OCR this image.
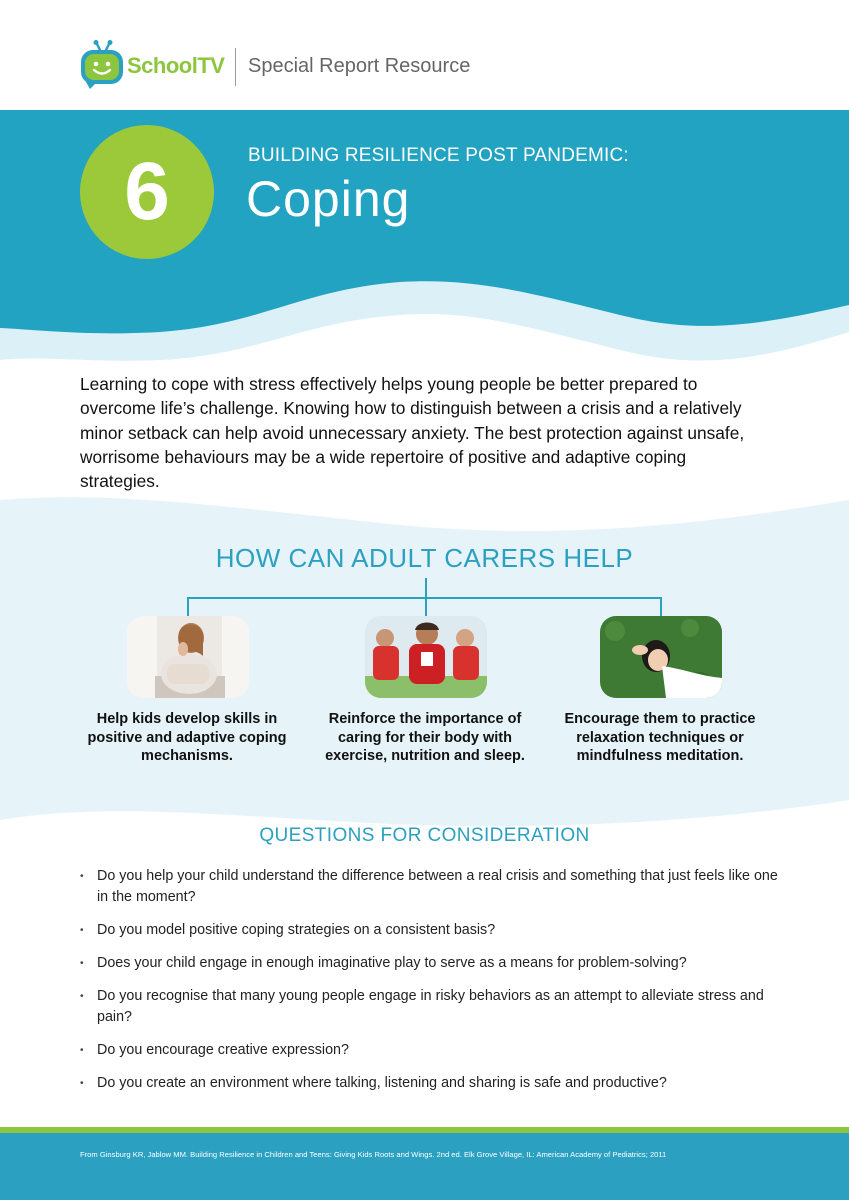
SchoolTV Special Report Resource
6	BUILDING RESILIENCE POST PANDEMIC:
Coping

Learning to cope with stress effectively helps young people be better prepared to overcome life’s challenge. Knowing how to distinguish between a crisis and a relatively minor setback can help avoid unnecessary anxiety. The best protection against unsafe, worrisome behaviours may be a wide repertoire of positive and adaptive coping strategies.

HOW CAN ADULT CARERS HELP
Help kids develop skills in positive and adaptive coping mechanisms.
Reinforce the importance of caring for their body with exercise, nutrition and sleep.
Encourage them to practice relaxation techniques or mindfulness meditation.
QUESTIONS FOR CONSIDERATION
• Do you help your child understand the difference between a real crisis and something that just feels like one in the moment?
• Do you model positive coping strategies on a consistent basis?
• Does your child engage in enough imaginative play to serve as a means for problem-solving?
• Do you recognise that many young people engage in risky behaviors as an attempt to alleviate stress and pain?
• Do you encourage creative expression?
• Do you create an environment where talking, listening and sharing is safe and productive?
From Ginsburg KR, Jablow MM. Building Resilience in Children and Teens: Giving Kids Roots and Wings. 2nd ed. Elk Grove Village, IL: American Academy of Pediatrics; 2011
